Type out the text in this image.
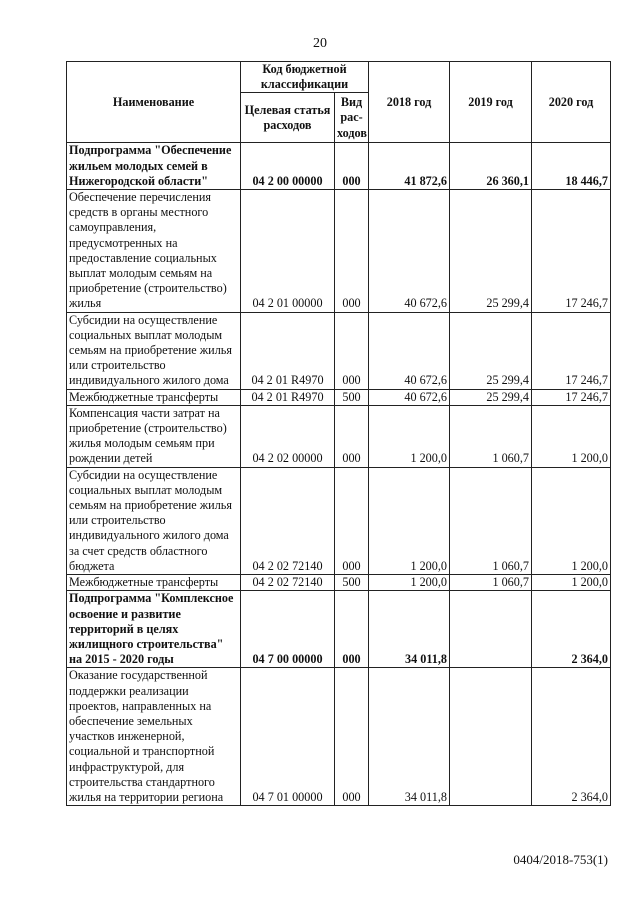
20
Наименование	Код бюджетной классификации		2018 год	2019 год	2020 год
	Целевая статья расходов	Вид рас-ходов			
Подпрограмма "Обеспечение жильем молодых семей в Нижегородской области"	04 2 00 00000	000	41 872,6	26 360,1	18 446,7
Обеспечение перечисления средств в органы местного самоуправления, предусмотренных на предоставление социальных выплат молодым семьям на приобретение (строительство) жилья	04 2 01 00000	000	40 672,6	25 299,4	17 246,7
Субсидии на осуществление социальных выплат молодым семьям на приобретение жилья или строительство индивидуального жилого дома	04 2 01 R4970	000	40 672,6	25 299,4	17 246,7
Межбюджетные трансферты	04 2 01 R4970	500	40 672,6	25 299,4	17 246,7
Компенсация части затрат на приобретение (строительство) жилья молодым семьям при рождении детей	04 2 02 00000	000	1 200,0	1 060,7	1 200,0
Субсидии на осуществление социальных выплат молодым семьям на приобретение жилья или строительство индивидуального жилого дома за счет средств областного бюджета	04 2 02 72140	000	1 200,0	1 060,7	1 200,0
Межбюджетные трансферты	04 2 02 72140	500	1 200,0	1 060,7	1 200,0
Подпрограмма "Комплексное освоение и развитие территорий в целях жилищного строительства" на 2015 - 2020 годы	04 7 00 00000	000	34 011,8		2 364,0
Оказание государственной поддержки реализации проектов, направленных на обеспечение земельных участков инженерной, социальной и транспортной инфраструктурой, для строительства стандартного жилья на территории региона	04 7 01 00000	000	34 011,8		2 364,0
0404/2018-753(1)
